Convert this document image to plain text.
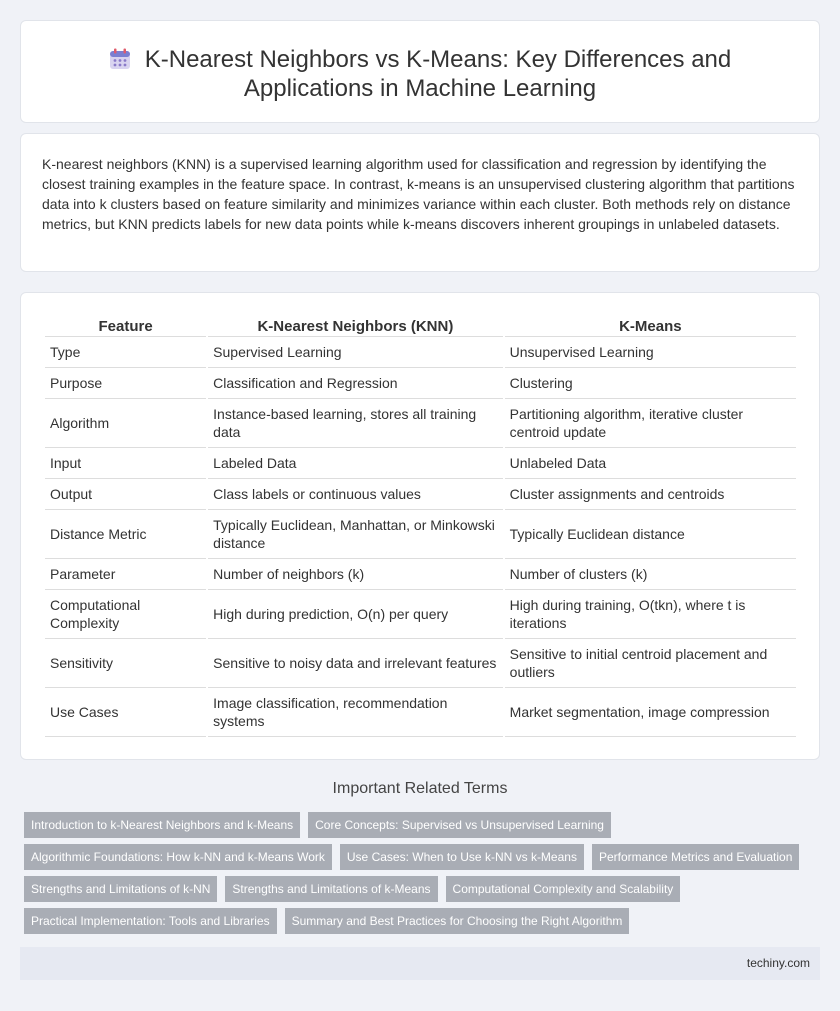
K-Nearest Neighbors vs K-Means: Key Differences and
Applications in Machine Learning

K-nearest neighbors (KNN) is a supervised learning algorithm used for classification and regression by identifying the closest training examples in the feature space. In contrast, k-means is an unsupervised clustering algorithm that partitions data into k clusters based on feature similarity and minimizes variance within each cluster. Both methods rely on distance metrics, but KNN predicts labels for new data points while k-means discovers inherent groupings in unlabeled datasets.

Feature	K-Nearest Neighbors (KNN)	K-Means
Type	Supervised Learning	Unsupervised Learning
Purpose	Classification and Regression	Clustering
Algorithm	Instance-based learning, stores all training data	Partitioning algorithm, iterative cluster centroid update
Input	Labeled Data	Unlabeled Data
Output	Class labels or continuous values	Cluster assignments and centroids
Distance Metric	Typically Euclidean, Manhattan, or Minkowski distance	Typically Euclidean distance
Parameter	Number of neighbors (k)	Number of clusters (k)
Computational Complexity	High during prediction, O(n) per query	High during training, O(tkn), where t is iterations
Sensitivity	Sensitive to noisy data and irrelevant features	Sensitive to initial centroid placement and outliers
Use Cases	Image classification, recommendation systems	Market segmentation, image compression
Important Related Terms
Introduction to k-Nearest Neighbors and k-Means	Core Concepts: Supervised vs Unsupervised Learning
Algorithmic Foundations: How k-NN and k-Means Work	Use Cases: When to Use k-NN vs k-Means	Performance Metrics and Evaluation
Strengths and Limitations of k-NN	Strengths and Limitations of k-Means	Computational Complexity and Scalability
Practical Implementation: Tools and Libraries	Summary and Best Practices for Choosing the Right Algorithm
techiny.com
